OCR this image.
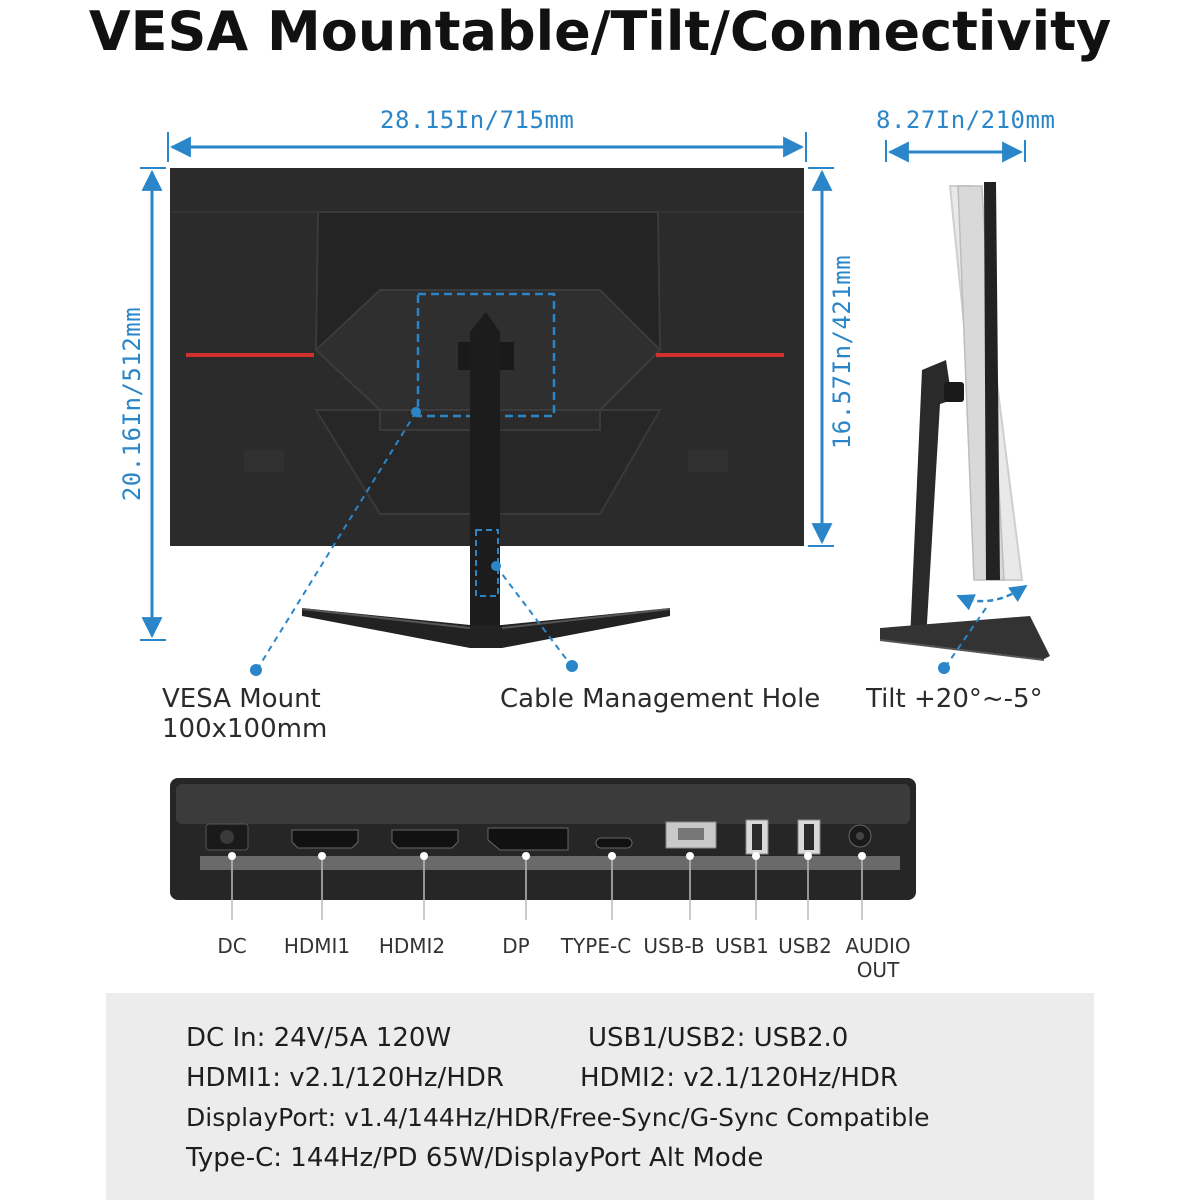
VESA Mountable/Tilt/Connectivity
28.15In/715mm	8.27In/210mm
20.16In/512mm	16.57In/421mm
VESA Mount
100x100mm
Cable Management Hole Tilt +20°~-5°
DC	HDMI1	HDMI2	DP	TYPE-C USB-B USB1 USB2 AUDIO
OUT
DC In: 24V/5A 120W	USB1/USB2: USB2.0
HDMI1: v2.1/120Hz/HDR	HDMI2: v2.1/120Hz/HDR
DisplayPort: v1.4/144Hz/HDR/Free-Sync/G-Sync Compatible
Type-C: 144Hz/PD 65W/DisplayPort Alt Mode
